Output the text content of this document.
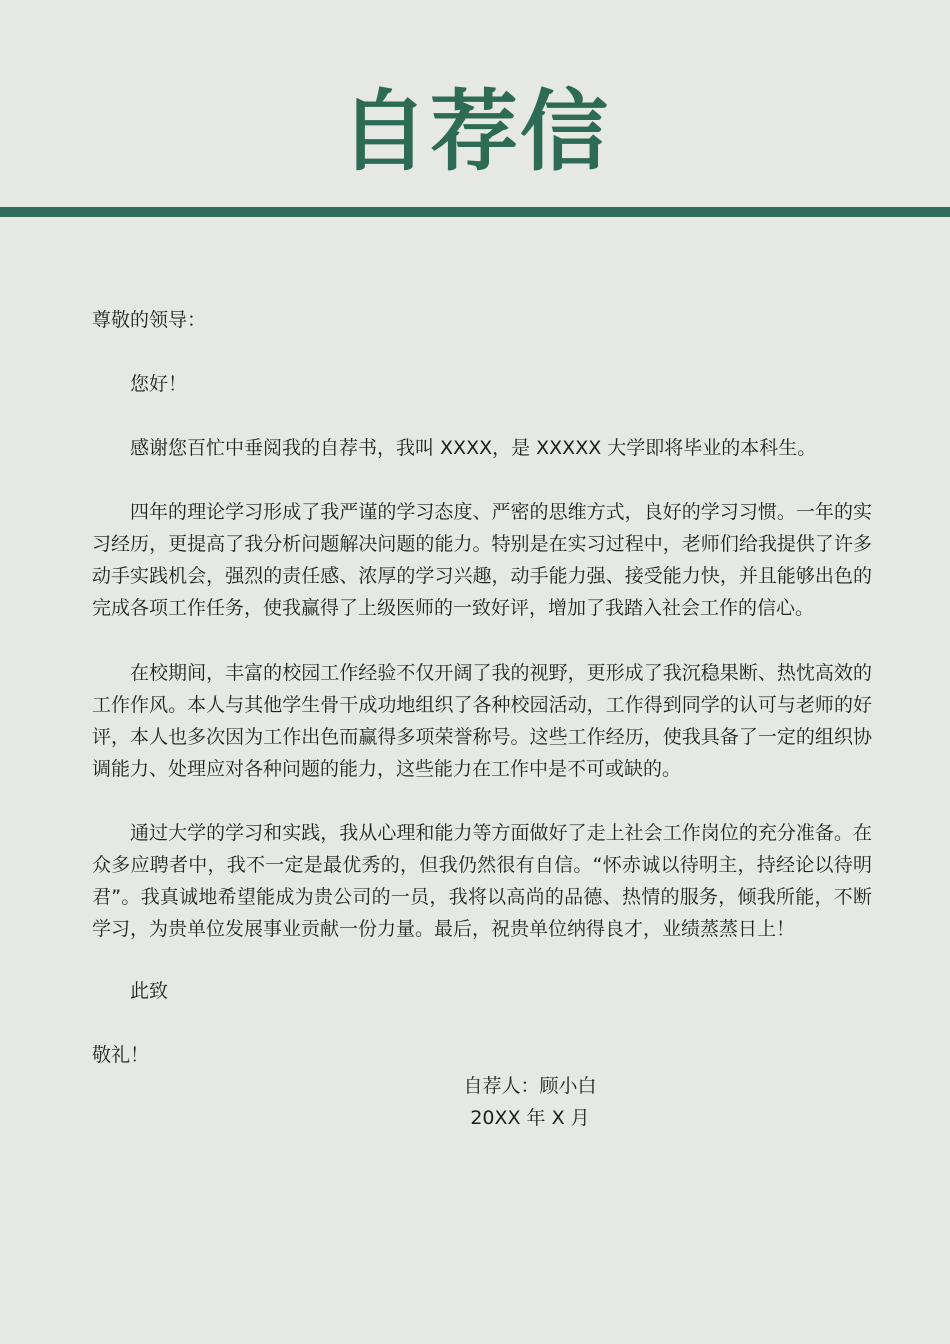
自荐信

尊敬的领导：

您好！

感谢您百忙中垂阅我的自荐书，我叫 XXXX，是 XXXXX 大学即将毕业的本科生。

四年的理论学习形成了我严谨的学习态度、严密的思维方式，良好的学习习惯。一年的实习经历，更提高了我分析问题解决问题的能力。特别是在实习过程中，老师们给我提供了许多动手实践机会，强烈的责任感、浓厚的学习兴趣，动手能力强、接受能力快，并且能够出色的完成各项工作任务，使我赢得了上级医师的一致好评，增加了我踏入社会工作的信心。

在校期间，丰富的校园工作经验不仅开阔了我的视野，更形成了我沉稳果断、热忱高效的工作作风。本人与其他学生骨干成功地组织了各种校园活动，工作得到同学的认可与老师的好评，本人也多次因为工作出色而赢得多项荣誉称号。这些工作经历，使我具备了一定的组织协调能力、处理应对各种问题的能力，这些能力在工作中是不可或缺的。

通过大学的学习和实践，我从心理和能力等方面做好了走上社会工作岗位的充分准备。在众多应聘者中，我不一定是最优秀的，但我仍然很有自信。“怀赤诚以待明主，持经论以待明君”。我真诚地希望能成为贵公司的一员，我将以高尚的品德、热情的服务，倾我所能，不断学习，为贵单位发展事业贡献一份力量。最后，祝贵单位纳得良才，业绩蒸蒸日上！

此致

敬礼！

自荐人：顾小白

20XX 年 X 月
